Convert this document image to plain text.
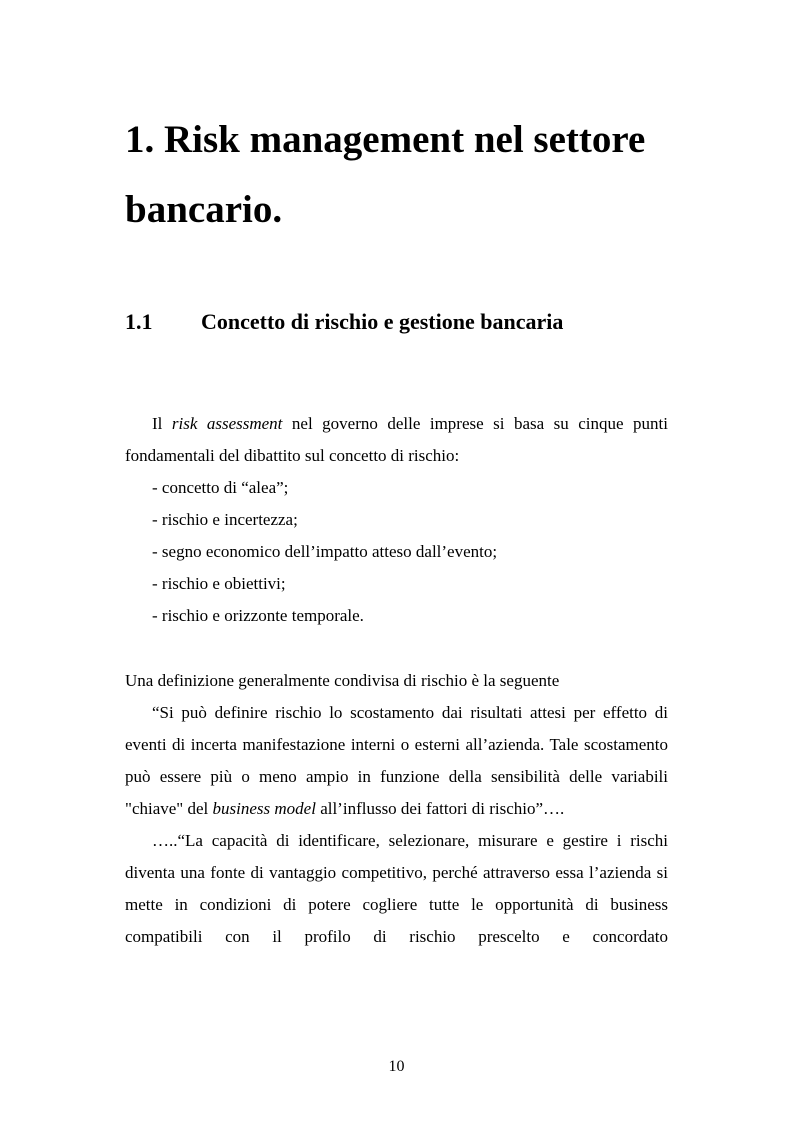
1. Risk management nel settore
bancario.
1.1 Concetto di rischio e gestione bancaria

Il risk assessment nel governo delle imprese si basa su cinque punti fondamentali del dibattito sul concetto di rischio:

- concetto di “alea”;

- rischio e incertezza;

- segno economico dell’impatto atteso dall’evento;

- rischio e obiettivi;

- rischio e orizzonte temporale.

Una definizione generalmente condivisa di rischio è la seguente

“Si può definire rischio lo scostamento dai risultati attesi per effetto di eventi di incerta manifestazione interni o esterni all’azienda. Tale scostamento può essere più o meno ampio in funzione della sensibilità delle variabili "chiave" del business model all’influsso dei fattori di rischio”….

…..“La capacità di identificare, selezionare, misurare e gestire i rischi diventa una fonte di vantaggio competitivo, perché attraverso essa l’azienda si mette in condizioni di potere cogliere tutte le opportunità di business compatibili con il profilo di rischio prescelto e concordato

10
